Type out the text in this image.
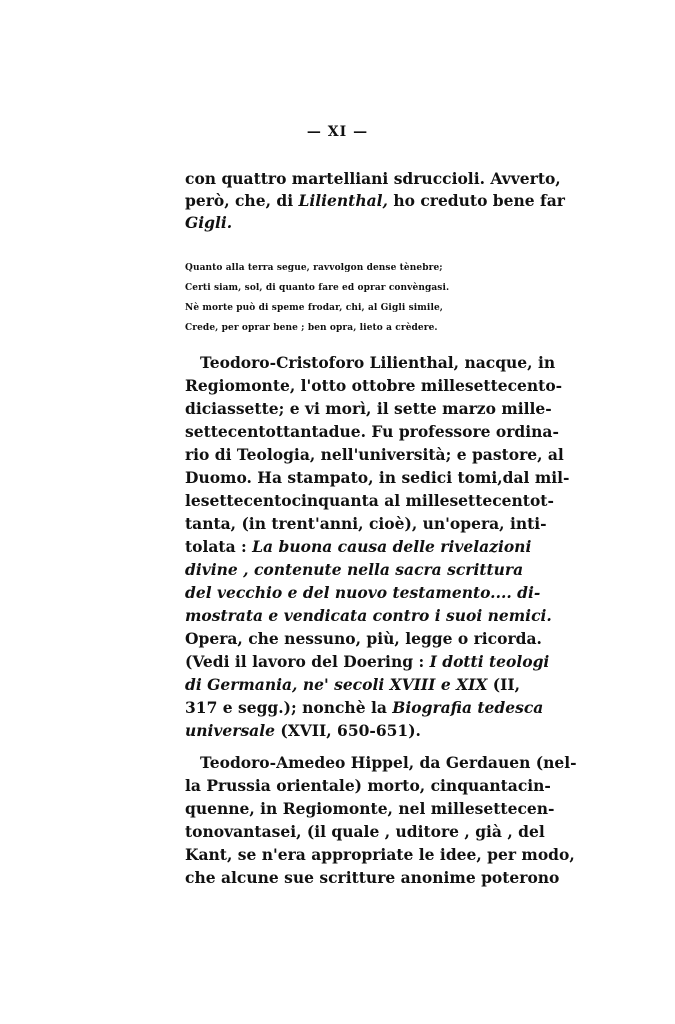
— XI —
con quattro martelliani sdruccioli. Avverto,
però, che, di Lilienthal, ho creduto bene far
Gigli.
Quanto alla terra segue, ravvolgon dense tènebre;
Certi siam, sol, di quanto fare ed oprar convèngasi.
Nè morte può di speme frodar, chi, al Gigli simile,
Crede, per oprar bene ; ben opra, lieto a crèdere.
Teodoro-Cristoforo Lilienthal, nacque, in
Regiomonte, l'otto ottobre millesettecento-
diciassette; e vi morì, il sette marzo mille-
settecentottantadue. Fu professore ordina-
rio di Teologia, nell'università; e pastore, al
Duomo. Ha stampato, in sedici tomi,dal mil-
lesettecentocinquanta al millesettecentot-
tanta, (in trent'anni, cioè), un'opera, inti-
tolata : La buona causa delle rivelazioni
divine , contenute nella sacra scrittura
del vecchio e del nuovo testamento.... di-
mostrata e vendicata contro i suoi nemici.
Opera, che nessuno, più, legge o ricorda.
(Vedi il lavoro del Doering : I dotti teologi
di Germania, ne' secoli XVIII e XIX (II,
317 e segg.); nonchè la Biografia tedesca
universale (XVII, 650-651).
Teodoro-Amedeo Hippel, da Gerdauen (nel-
la Prussia orientale) morto, cinquantacin-
quenne, in Regiomonte, nel millesettecen-
tonovantasei, (il quale , uditore , già , del
Kant, se n'era appropriate le idee, per modo,
che alcune sue scritture anonime poterono
